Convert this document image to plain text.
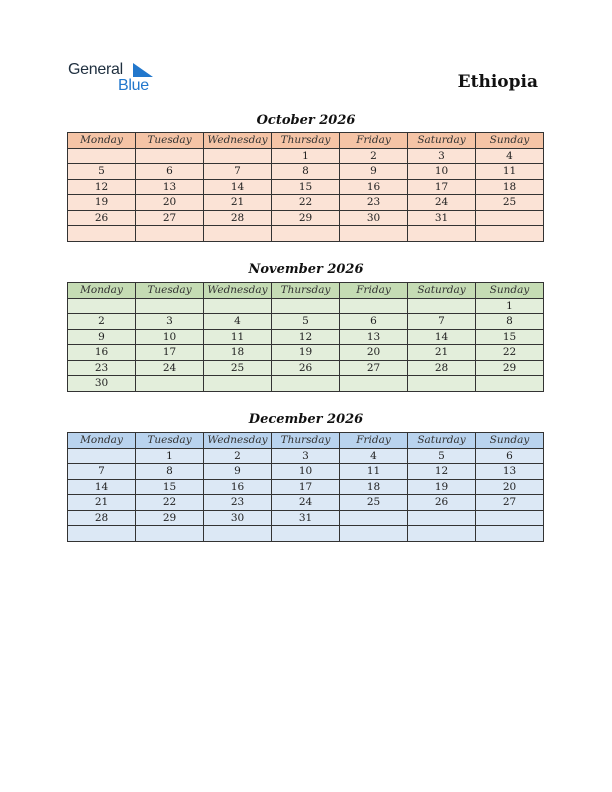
General
Blue	Ethiopia
October 2026
Monday	Tuesday	Wednesday	Thursday	Friday	Saturday	Sunday
			1	2	3	4
5	6	7	8	9	10	11
12	13	14	15	16	17	18
19	20	21	22	23	24	25
26	27	28	29	30	31	

November 2026
Monday	Tuesday	Wednesday	Thursday	Friday	Saturday	Sunday
						1
2	3	4	5	6	7	8
9	10	11	12	13	14	15
16	17	18	19	20	21	22
23	24	25	26	27	28	29
30						
December 2026
Monday	Tuesday	Wednesday	Thursday	Friday	Saturday	Sunday
	1	2	3	4	5	6
7	8	9	10	11	12	13
14	15	16	17	18	19	20
21	22	23	24	25	26	27
28	29	30	31			
